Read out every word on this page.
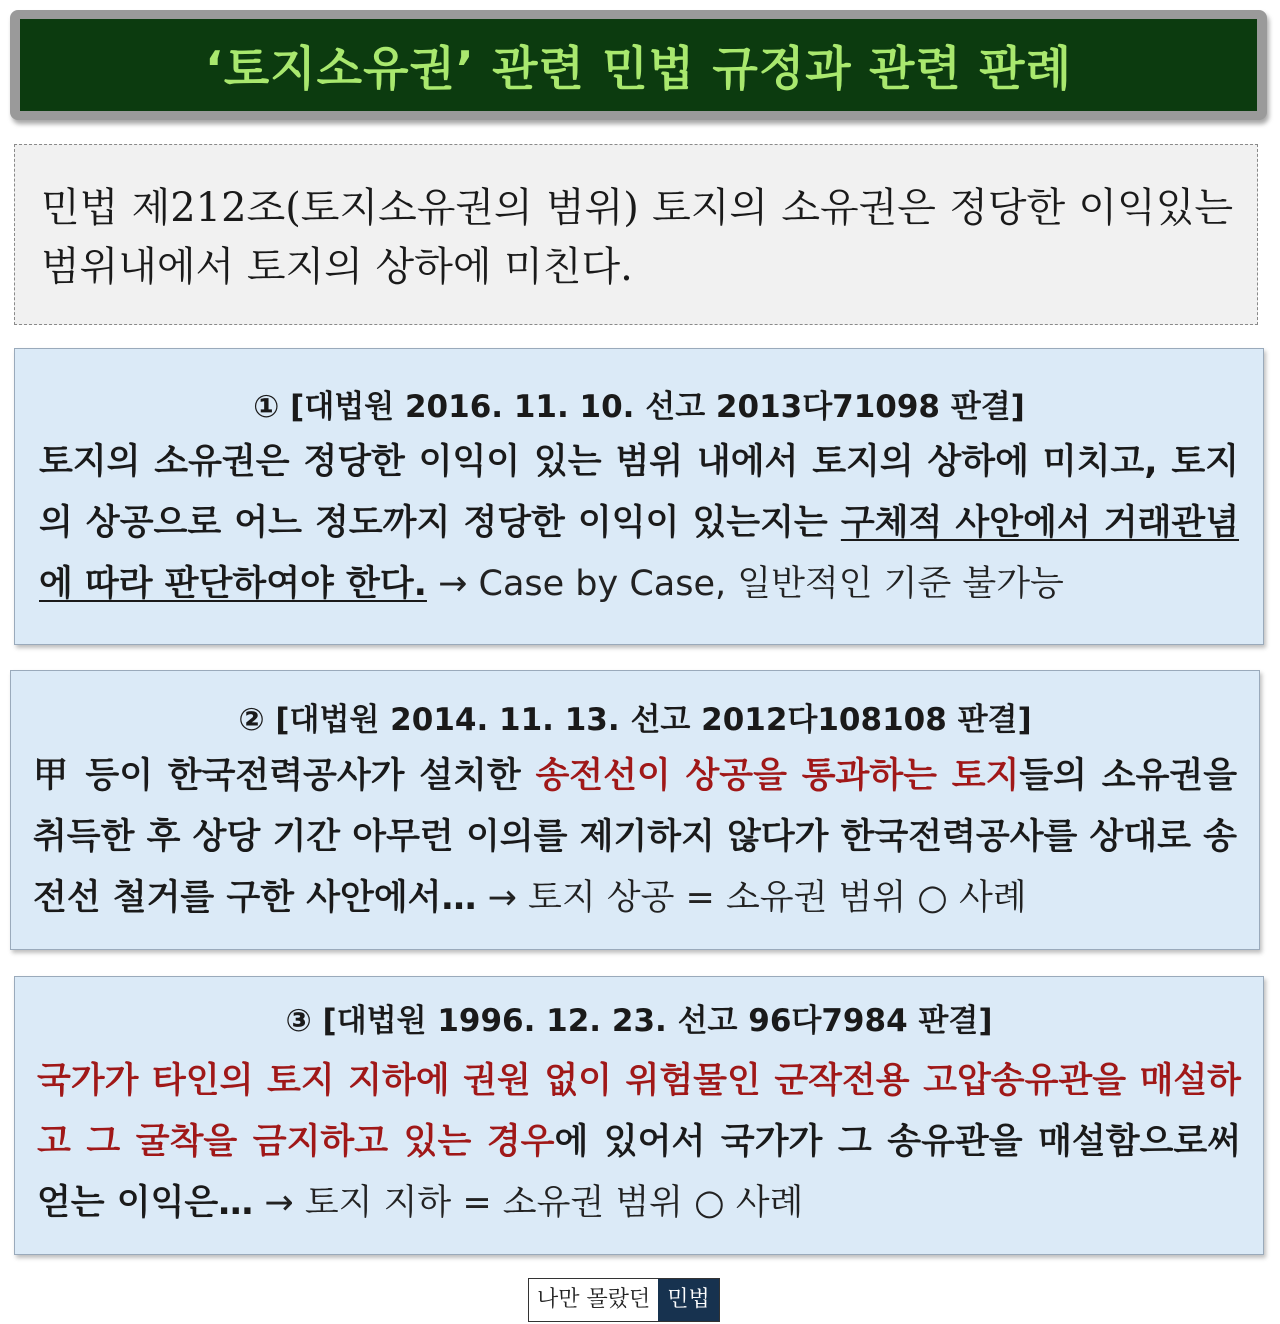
‘토지소유권’ 관련 민법 규정과 관련 판례
민법 제212조(토지소유권의 범위) 토지의 소유권은 정당한 이익있는 범위내에서 토지의 상하에 미친다.
① [대법원 2016. 11. 10. 선고 2013다71098 판결]
토지의 소유권은 정당한 이익이 있는 범위 내에서 토지의 상하에 미치고, 토지의 상공으로 어느 정도까지 정당한 이익이 있는지는 구체적 사안에서 거래관념에 따라 판단하여야 한다. → Case by Case, 일반적인 기준 불가능
② [대법원 2014. 11. 13. 선고 2012다108108 판결]
甲 등이 한국전력공사가 설치한 송전선이 상공을 통과하는 토지들의 소유권을 취득한 후 상당 기간 아무런 이의를 제기하지 않다가 한국전력공사를 상대로 송전선 철거를 구한 사안에서… → 토지 상공 = 소유권 범위 ○ 사례
③ [대법원 1996. 12. 23. 선고 96다7984 판결]
국가가 타인의 토지 지하에 권원 없이 위험물인 군작전용 고압송유관을 매설하고 그 굴착을 금지하고 있는 경우에 있어서 국가가 그 송유관을 매설함으로써 얻는 이익은… → 토지 지하 = 소유권 범위 ○ 사례
나만 몰랐던 민법
